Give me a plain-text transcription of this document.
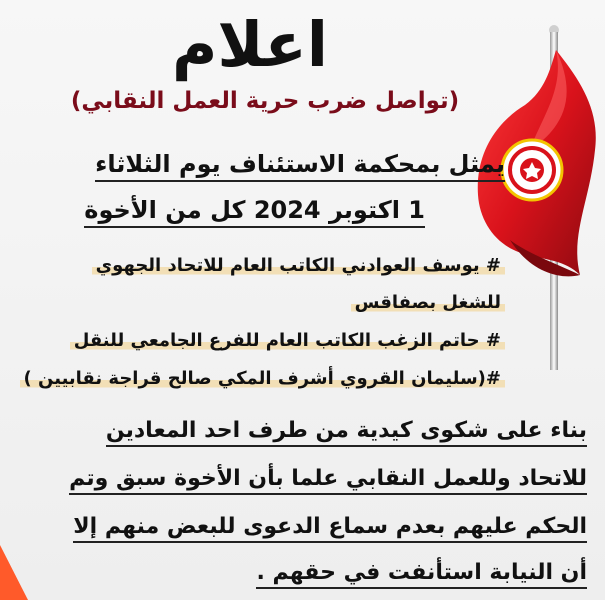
اعلام
(تواصل ضرب حرية العمل النقابي)
يمثل بمحكمة الاستئناف يوم الثلاثاء
1 اكتوبر 2024 كل من الأخوة
# يوسف العوادني الكاتب العام للاتحاد الجهوي
للشغل بصفاقس
# حاتم الزغب الكاتب العام للفرع الجامعي للنقل
#(سليمان القروي أشرف المكي صالح قراجة نقابيين )
بناء على شكوى كيدية من طرف احد المعادين
للاتحاد وللعمل النقابي علما بأن الأخوة سبق وتم
الحكم عليهم بعدم سماع الدعوى للبعض منهم إلا
أن النيابة استأنفت في حقهم .
